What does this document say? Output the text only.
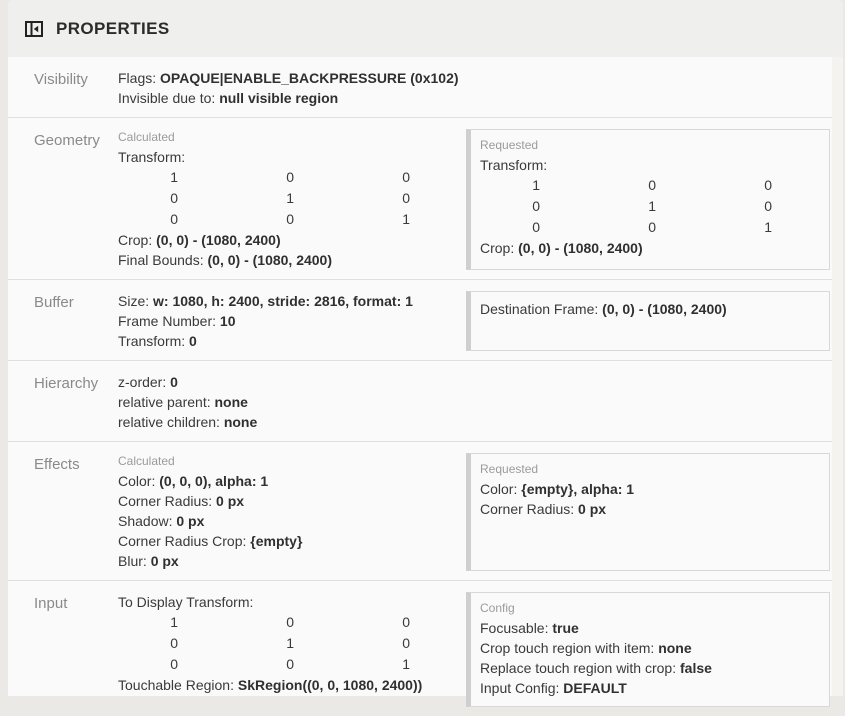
PROPERTIES
Visibility	Flags: OPAQUE|ENABLE_BACKPRESSURE (0x102)
Invisible due to: null visible region
Geometry	Calculated
Transform:
1	0	0
0	1	0
0	0	1
Crop: (0, 0) - (1080, 2400)
Final Bounds: (0, 0) - (1080, 2400)
Requested
Transform:
1	0	0
0	1	0
0	0	1
Crop: (0, 0) - (1080, 2400)
Buffer	Size: w: 1080, h: 2400, stride: 2816, format: 1
Frame Number: 10
Transform: 0
Destination Frame: (0, 0) - (1080, 2400)
Hierarchy	z-order: 0
relative parent: none
relative children: none
Effects	Calculated
Color: (0, 0, 0), alpha: 1
Corner Radius: 0 px
Shadow: 0 px
Corner Radius Crop: {empty}
Blur: 0 px
Requested
Color: {empty}, alpha: 1
Corner Radius: 0 px
Input	To Display Transform:
1	0	0
0	1	0
0	0	1
Touchable Region: SkRegion((0, 0, 1080, 2400))
Config
Focusable: true
Crop touch region with item: none
Replace touch region with crop: false
Input Config: DEFAULT
